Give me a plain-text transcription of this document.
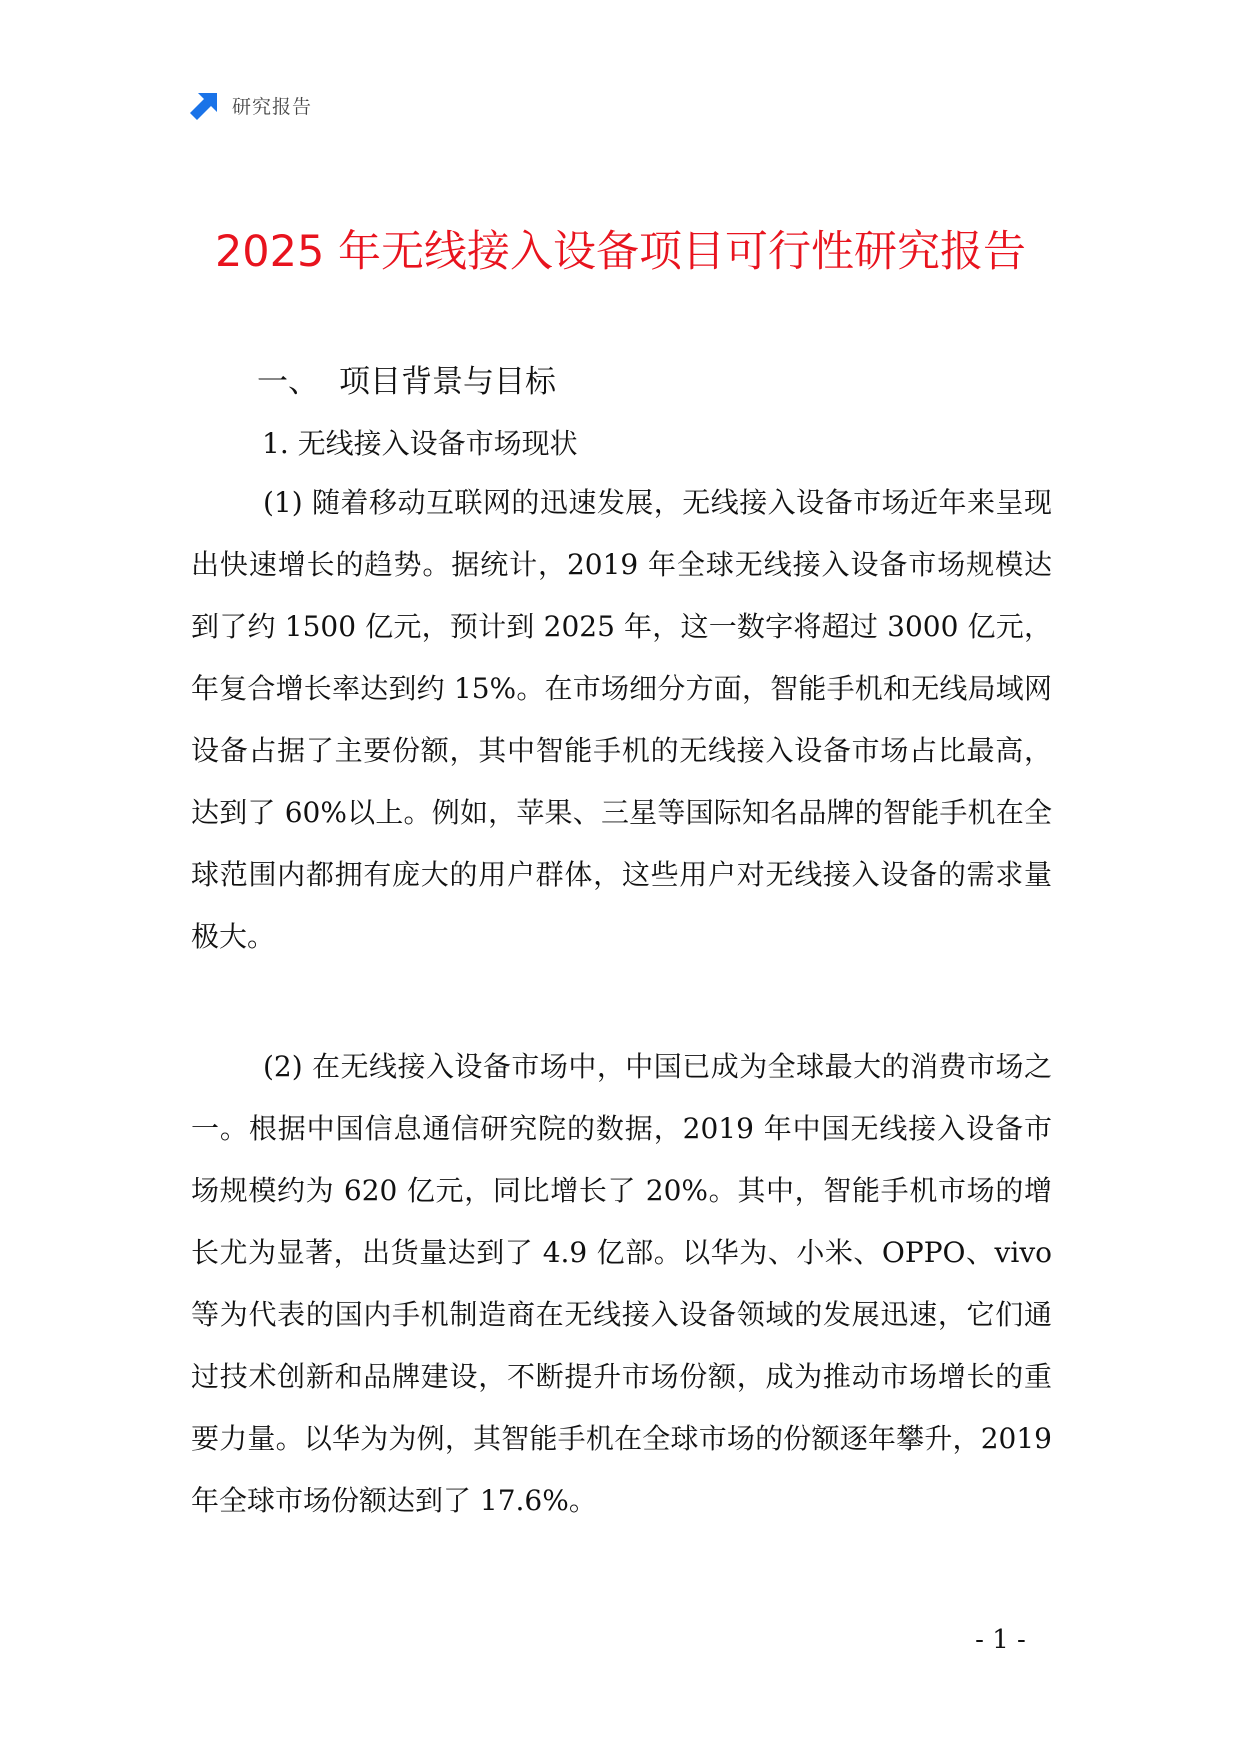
研究报告
2025 年无线接入设备项目可行性研究报告
一、 项目背景与目标
1. 无线接入设备市场现状
(1) 随着移动互联网的迅速发展，无线接入设备市场近年来呈现出快速增长的趋势。据统计，2019 年全球无线接入设备市场规模达到了约 1500 亿元，预计到 2025 年，这一数字将超过 3000 亿元，年复合增长率达到约 15%。在市场细分方面，智能手机和无线局域网设备占据了主要份额，其中智能手机的无线接入设备市场占比最高，达到了 60%以上。例如，苹果、三星等国际知名品牌的智能手机在全球范围内都拥有庞大的用户群体，这些用户对无线接入设备的需求量极大。
(2) 在无线接入设备市场中，中国已成为全球最大的消费市场之一。根据中国信息通信研究院的数据，2019 年中国无线接入设备市场规模约为 620 亿元，同比增长了 20%。其中，智能手机市场的增长尤为显著，出货量达到了 4.9 亿部。以华为、小米、OPPO、vivo 等为代表的国内手机制造商在无线接入设备领域的发展迅速，它们通过技术创新和品牌建设，不断提升市场份额，成为推动市场增长的重要力量。以华为为例，其智能手机在全球市场的份额逐年攀升，2019 年全球市场份额达到了 17.6%。
- 1 -
